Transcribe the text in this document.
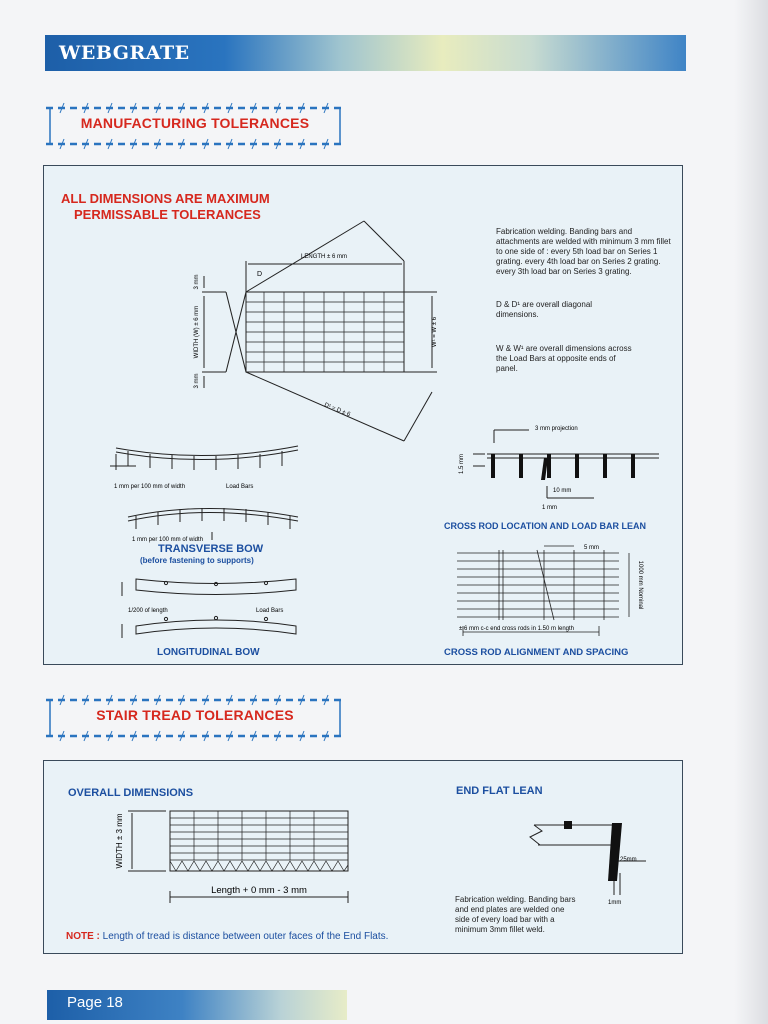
WEBGRATE
MANUFACTURING TOLERANCES
ALL DIMENSIONS ARE MAXIMUM
PERMISSABLE TOLERANCES
LENGTH ± 6 mm
D
D¹ = D ± 6
WIDTH (W) ± 6 mm	W¹ = W ± 6
3 mm
3 mm
Fabrication welding. Banding bars and attachments are welded with minimum 3 mm fillet to one side of : every 5th load bar on Series 1 grating. every 4th load bar on Series 2 grating. every 3th load bar on Series 3 grating.
D & D¹ are overall diagonal dimensions.
W & W¹ are overall dimensions across the Load Bars at opposite ends of panel.
1 mm per 100 mm of width	Load Bars
1 mm per 100 mm of width
TRANSVERSE BOW
(before fastening to supports)
1/200 of length	Load Bars
LONGITUDINAL BOW
3 mm projection
1.5 mm
10 mm
1 mm
CROSS ROD LOCATION AND LOAD BAR LEAN
5 mm
1000 mm Nominal
± 6 mm c-c end cross rods in 1.50 m length
CROSS ROD ALIGNMENT AND SPACING
STAIR TREAD TOLERANCES
OVERALL DIMENSIONS	END FLAT LEAN
WIDTH ± 3 mm
Length + 0 mm - 3 mm
NOTE : Length of tread is distance between outer faces of the End Flats.
25mm
1mm
Fabrication welding. Banding bars and end plates are welded one side of every load bar with a minimum 3mm fillet weld.
Page 18
